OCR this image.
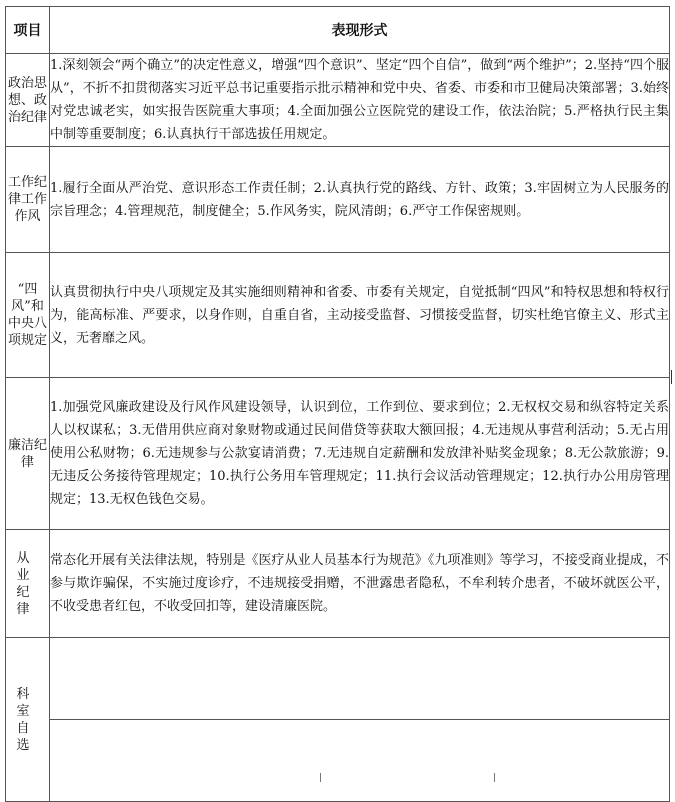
项目	表现形式
政治思想、政治纪律	1.深刻领会“两个确立”的决定性意义，增强“四个意识”、坚定“四个自信”，做到“两个维护”；2.坚持“四个服从”，不折不扣贯彻落实习近平总书记重要指示批示精神和党中央、省委、市委和市卫健局决策部署；3.始终对党忠诚老实，如实报告医院重大事项；4.全面加强公立医院党的建设工作，依法治院；5.严格执行民主集中制等重要制度；6.认真执行干部选拔任用规定。
工作纪律工作作风	1.履行全面从严治党、意识形态工作责任制；2.认真执行党的路线、方针、政策；3.牢固树立为人民服务的宗旨理念；4.管理规范，制度健全；5.作风务实，院风清朗；6.严守工作保密规则。
“四风”和中央八项规定	认真贯彻执行中央八项规定及其实施细则精神和省委、市委有关规定，自觉抵制“四风”和特权思想和特权行为，能高标准、严要求，以身作则，自重自省，主动接受监督、习惯接受监督，切实杜绝官僚主义、形式主义，无奢靡之风。
廉洁纪律	1.加强党风廉政建设及行风作风建设领导，认识到位，工作到位、要求到位；2.无权权交易和纵容特定关系人以权谋私；3.无借用供应商对象财物或通过民间借贷等获取大额回报；4.无违规从事营利活动；5.无占用使用公私财物；6.无违规参与公款宴请消费；7.无违规自定薪酬和发放津补贴奖金现象；8.无公款旅游；9.无违反公务接待管理规定；10.执行公务用车管理规定；11.执行会议活动管理规定；12.执行办公用房管理规定；13.无权色钱色交易。
从业纪律	常态化开展有关法律法规，特别是《医疗从业人员基本行为规范》《九项准则》等学习，不接受商业提成，不参与欺诈骗保，不实施过度诊疗，不违规接受捐赠，不泄露患者隐私，不牟利转介患者，不破坏就医公平，不收受患者红包，不收受回扣等，建设清廉医院。
科室自选	
